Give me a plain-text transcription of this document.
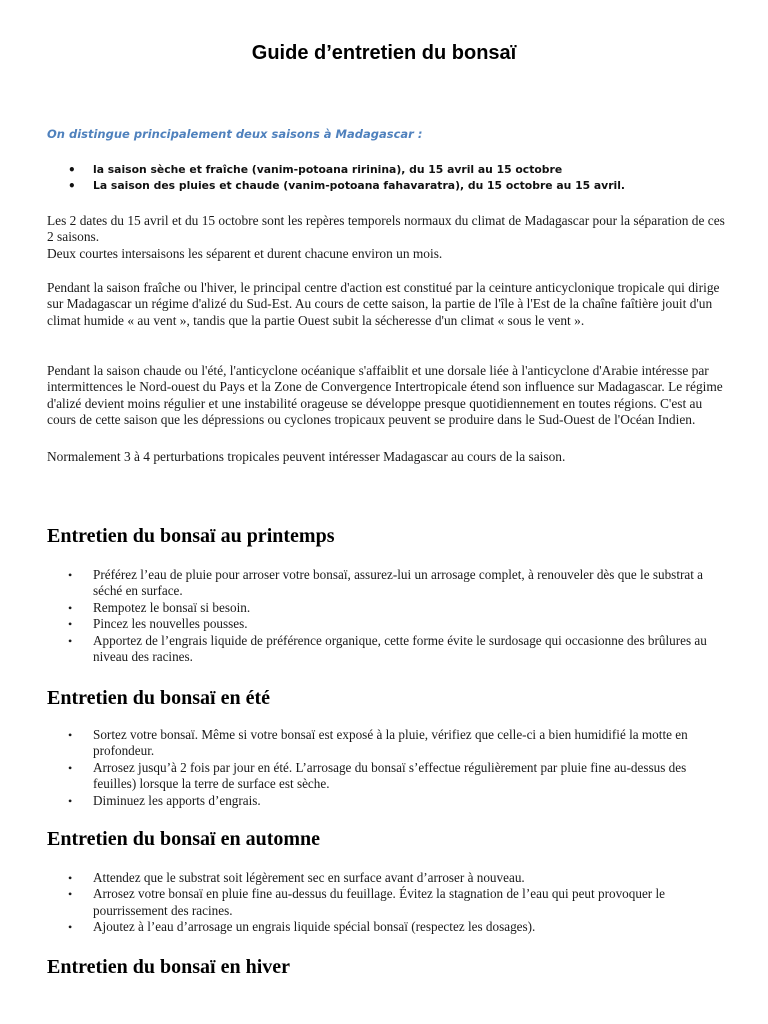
Guide d’entretien du bonsaï

On distingue principalement deux saisons à Madagascar :

• la saison sèche et fraîche (vanim-potoana ririnina), du 15 avril au 15 octobre
• La saison des pluies et chaude (vanim-potoana fahavaratra), du 15 octobre au 15 avril.

Les 2 dates du 15 avril et du 15 octobre sont les repères temporels normaux du climat de Madagascar pour la séparation de ces 2 saisons.

Deux courtes intersaisons les séparent et durent chacune environ un mois.

Pendant la saison fraîche ou l'hiver, le principal centre d'action est constitué par la ceinture anticyclonique tropicale qui dirige sur Madagascar un régime d'alizé du Sud-Est. Au cours de cette saison, la partie de l'île à l'Est de la chaîne faîtière jouit d'un climat humide « au vent », tandis que la partie Ouest subit la sécheresse d'un climat « sous le vent ».

Pendant la saison chaude ou l'été, l'anticyclone océanique s'affaiblit et une dorsale liée à l'anticyclone d'Arabie intéresse par intermittences le Nord-ouest du Pays et la Zone de Convergence Intertropicale étend son influence sur Madagascar. Le régime d'alizé devient moins régulier et une instabilité orageuse se développe presque quotidiennement en toutes régions. C'est au cours de cette saison que les dépressions ou cyclones tropicaux peuvent se produire dans le Sud-Ouest de l'Océan Indien.

Normalement 3 à 4 perturbations tropicales peuvent intéresser Madagascar au cours de la saison.

Entretien du bonsaï au printemps
• Préférez l’eau de pluie pour arroser votre bonsaï, assurez-lui un arrosage complet, à renouveler dès que le substrat a séché en surface.
• Rempotez le bonsaï si besoin.
• Pincez les nouvelles pousses.
• Apportez de l’engrais liquide de préférence organique, cette forme évite le surdosage qui occasionne des brûlures au niveau des racines.
Entretien du bonsaï en été
• Sortez votre bonsaï. Même si votre bonsaï est exposé à la pluie, vérifiez que celle-ci a bien humidifié la motte en profondeur.
• Arrosez jusqu’à 2 fois par jour en été. L’arrosage du bonsaï s’effectue régulièrement par pluie fine au-dessus des feuilles) lorsque la terre de surface est sèche.
• Diminuez les apports d’engrais.
Entretien du bonsaï en automne
• Attendez que le substrat soit légèrement sec en surface avant d’arroser à nouveau.
• Arrosez votre bonsaï en pluie fine au-dessus du feuillage. Évitez la stagnation de l’eau qui peut provoquer le pourrissement des racines.
• Ajoutez à l’eau d’arrosage un engrais liquide spécial bonsaï (respectez les dosages).
Entretien du bonsaï en hiver
